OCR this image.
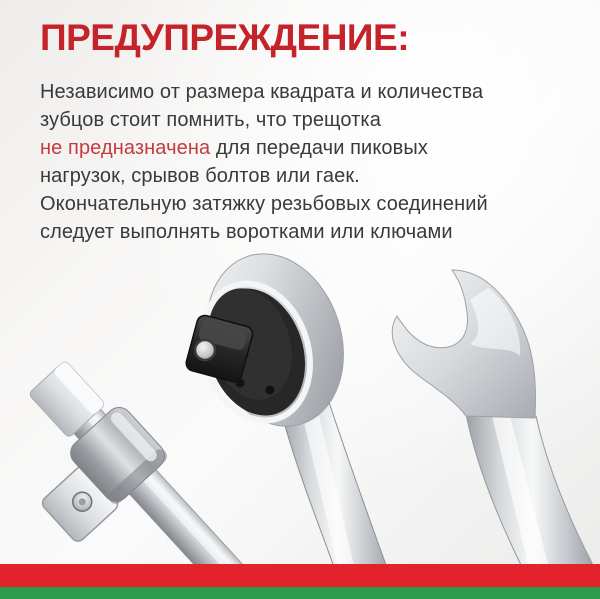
ПРЕДУПРЕЖДЕНИЕ:

Независимо от размера квадрата и количества
зубцов стоит помнить, что трещотка
не предназначена для передачи пиковых
нагрузок, срывов болтов или гаек.
Окончательную затяжку резьбовых соединений
следует выполнять воротками или ключами
